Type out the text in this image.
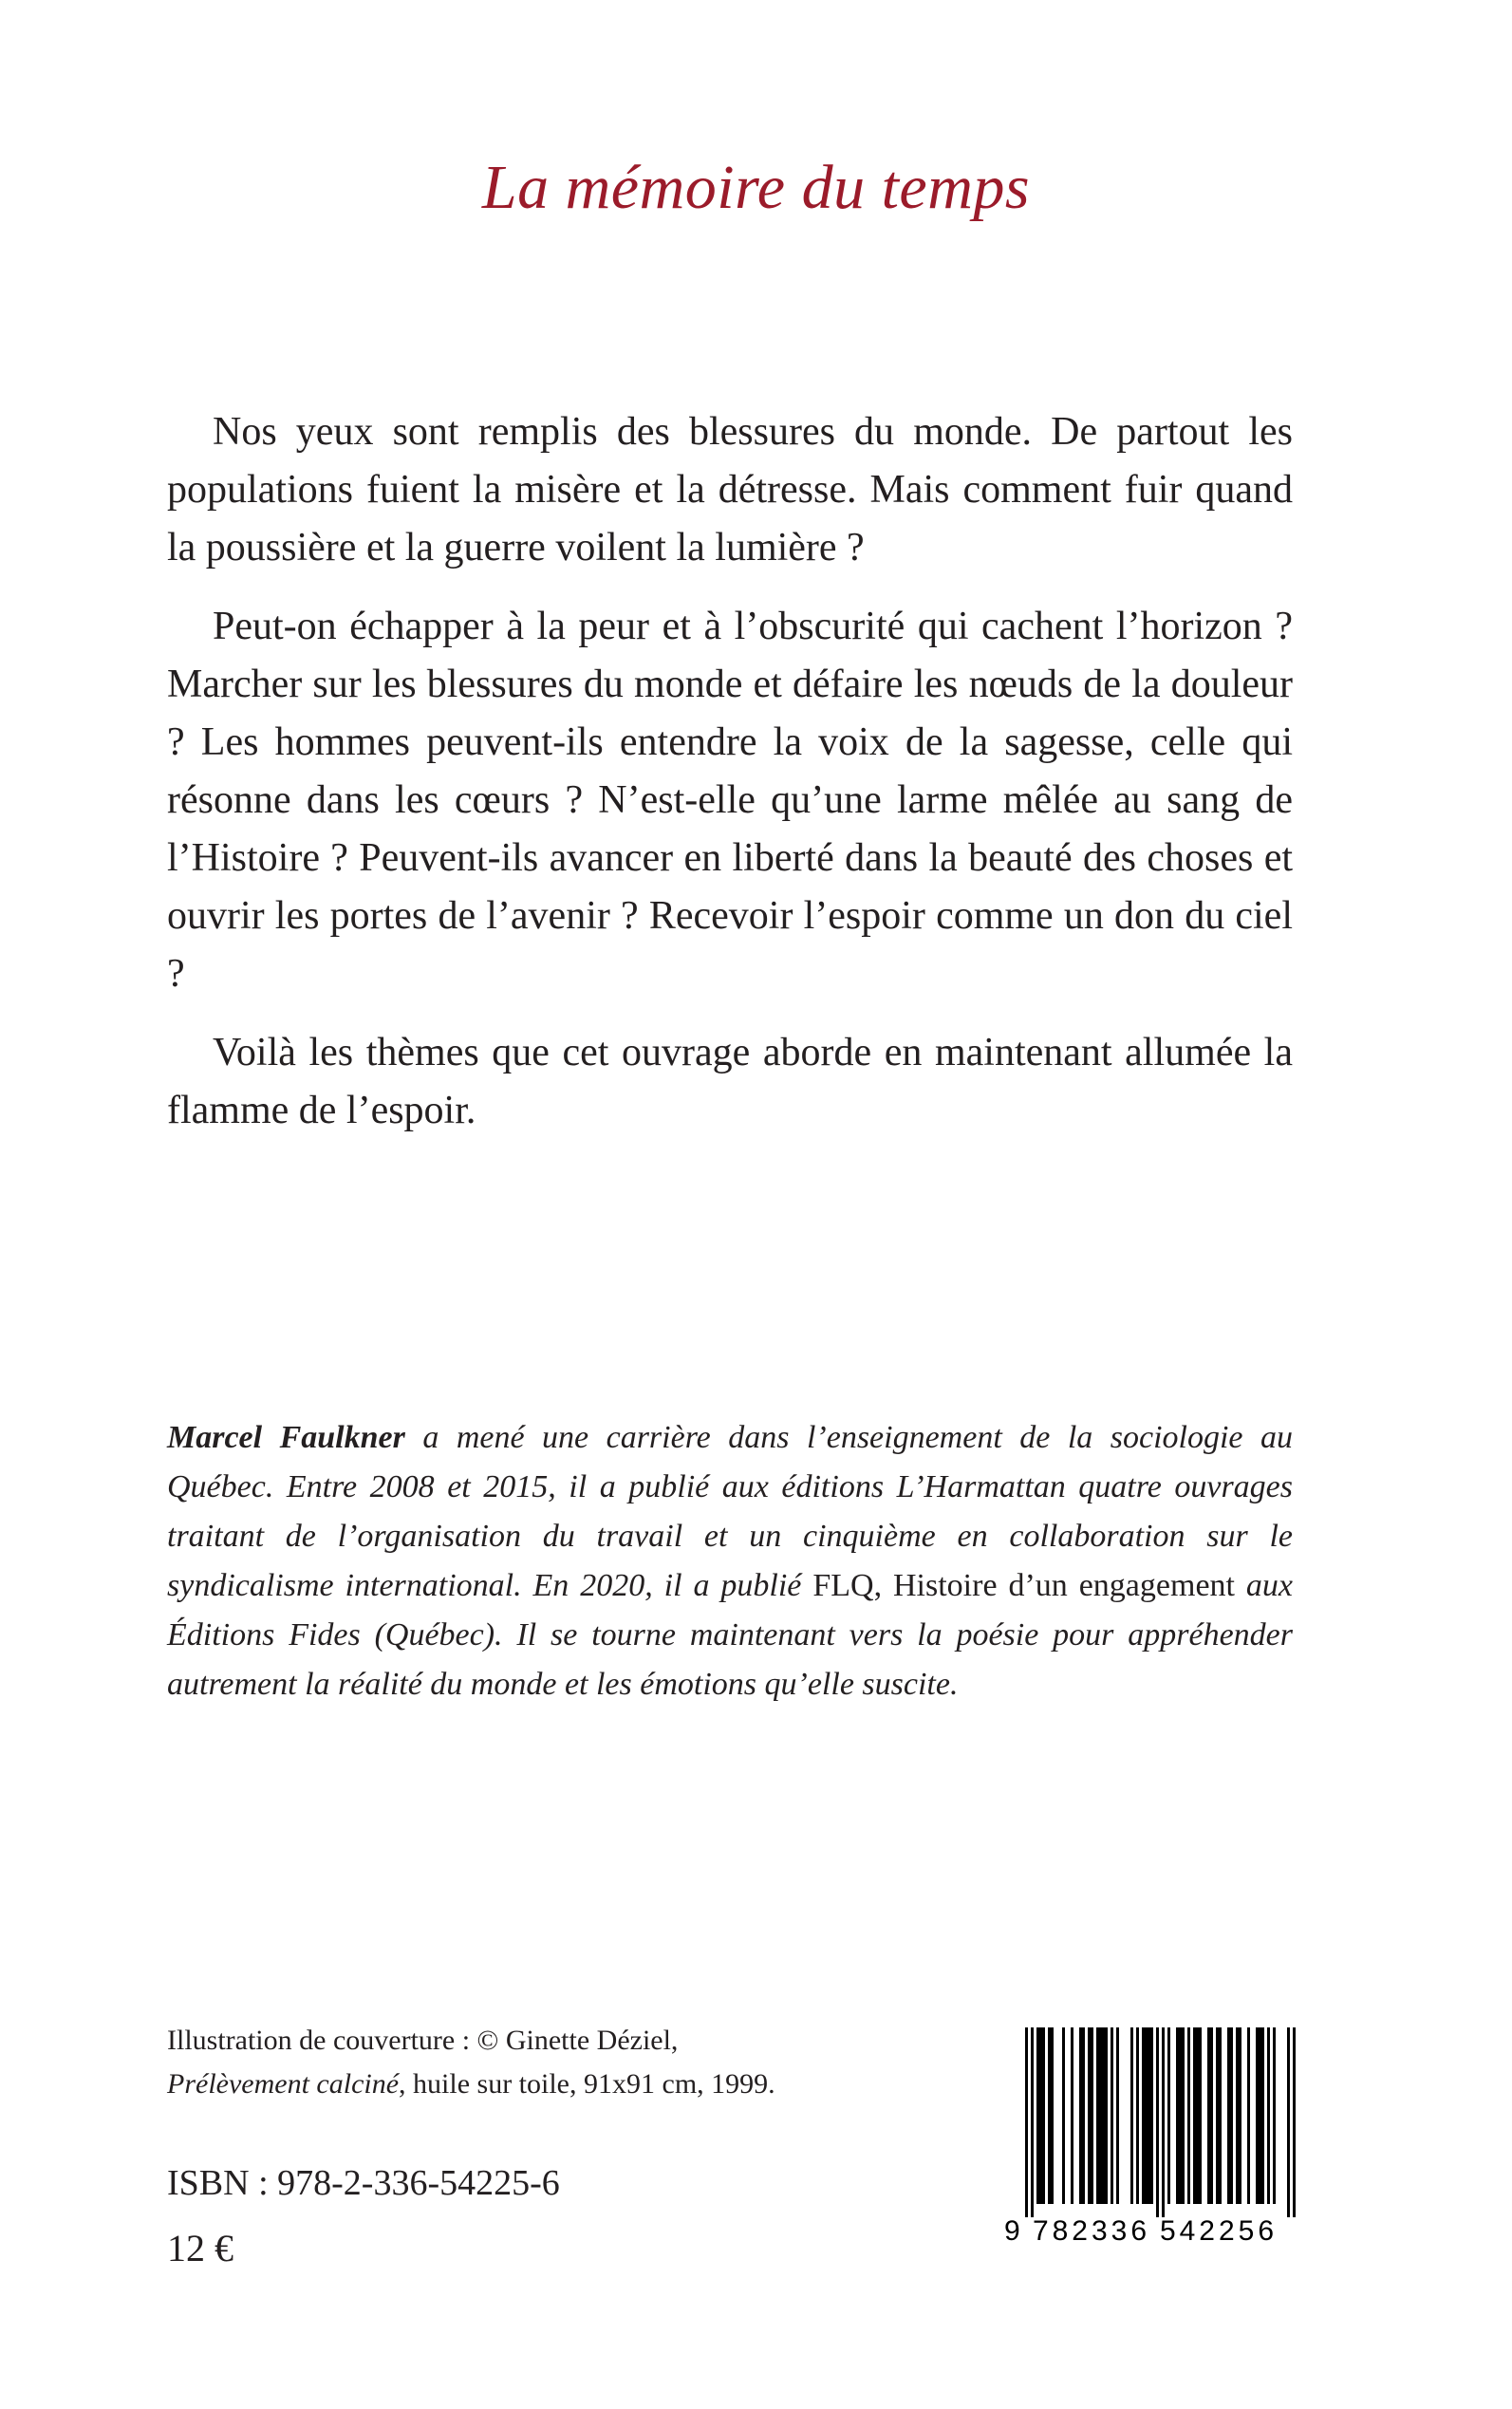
La mémoire du temps

Nos yeux sont remplis des blessures du monde. De partout les populations fuient la misère et la détresse. Mais comment fuir quand la poussière et la guerre voilent la lumière ?

Peut-on échapper à la peur et à l’obscurité qui cachent l’horizon ? Marcher sur les blessures du monde et défaire les nœuds de la douleur ? Les hommes peuvent-ils entendre la voix de la sagesse, celle qui résonne dans les cœurs ? N’est-elle qu’une larme mêlée au sang de l’Histoire ? Peuvent-ils avancer en liberté dans la beauté des choses et ouvrir les portes de l’avenir ? Recevoir l’espoir comme un don du ciel ?

Voilà les thèmes que cet ouvrage aborde en maintenant allumée la flamme de l’espoir.

Marcel Faulkner a mené une carrière dans l’enseignement de la sociologie au Québec. Entre 2008 et 2015, il a publié aux éditions L’Harmattan quatre ouvrages traitant de l’organisation du travail et un cinquième en collaboration sur le syndicalisme international. En 2020, il a publié FLQ, Histoire d’un engagement aux Éditions Fides (Québec). Il se tourne maintenant vers la poésie pour appréhender autrement la réalité du monde et les émotions qu’elle suscite.
Illustration de couverture : © Ginette Déziel,
Prélèvement calciné, huile sur toile, 91x91 cm, 1999.
ISBN : 978-2-336-54225-6
12 €	9 782336 542256
